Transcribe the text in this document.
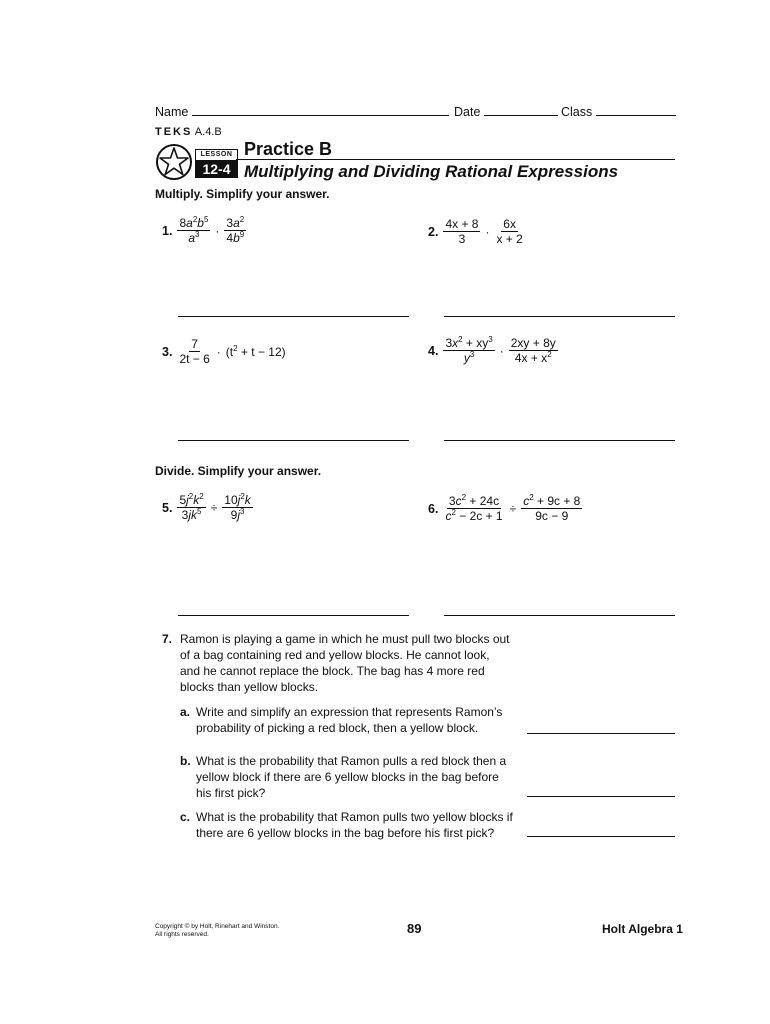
Name	Date	Class
TEKS A.4.B
LESSON
12-4
Practice B
Multiplying and Dividing Rational Expressions
Multiply. Simplify your answer.
1. $\frac{8a^2b^5}{a^3} \cdot \frac{3a^2}{4b^9}$	2. $\frac{4x + 8}{3} \cdot \frac{6x}{x + 2}$
3. $\frac{7}{2t - 6} \cdot (t^2 + t - 12)$	4. $\frac{3x^2 + xy^3}{y^3} \cdot \frac{2xy + 8y}{4x + x^2}$
Divide. Simplify your answer.
5. $\frac{5j^2k^2}{3jk^5} \div \frac{10j^2k}{9j^3}$	6. $\frac{3c^2 + 24c}{c^2 - 2c + 1} \div \frac{c^2 + 9c + 8}{9c - 9}$
7. Ramon is playing a game in which he must pull two blocks out of a bag containing red and yellow blocks. He cannot look, and he cannot replace the block. The bag has 4 more red blocks than yellow blocks.
a. Write and simplify an expression that represents Ramon’s probability of picking a red block, then a yellow block.
b. What is the probability that Ramon pulls a red block then a yellow block if there are 6 yellow blocks in the bag before his first pick?
c. What is the probability that Ramon pulls two yellow blocks if there are 6 yellow blocks in the bag before his first pick?
Copyright © by Holt, Rinehart and Winston.
All rights reserved.	89	Holt Algebra 1
